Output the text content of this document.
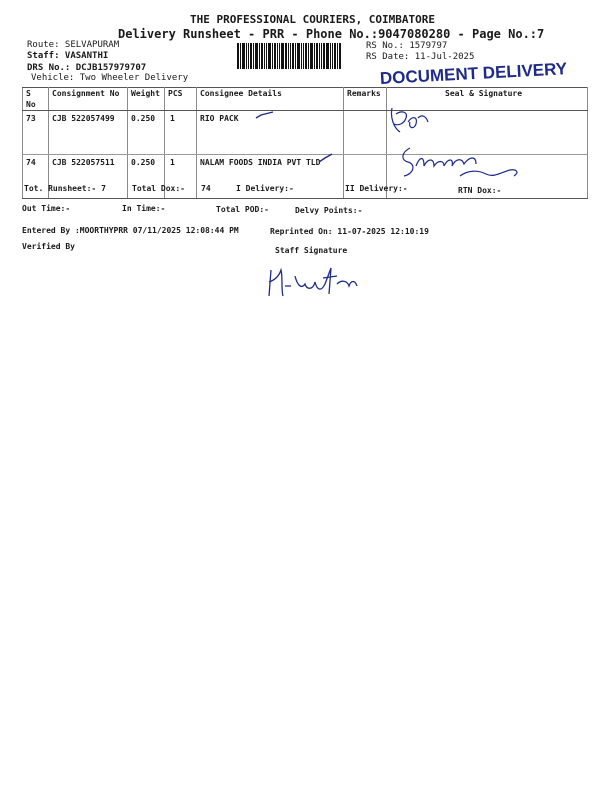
THE PROFESSIONAL COURIERS, COIMBATORE
Delivery Runsheet - PRR - Phone No.:9047080280 - Page No.:7
Route: SELVAPURAM
Staff: VASANTHI
DRS No.: DCJB157979707
Vehicle: Two Wheeler Delivery
RS No.: 1579797
RS Date: 11-Jul-2025
DOCUMENT DELIVERY
S No	Consignment No	Weight	PCS	Consignee Details	Remarks	Seal & Signature
73	CJB 522057499	0.250	1	RIO PACK		
74	CJB 522057511	0.250	1	NALAM FOODS INDIA PVT TLD		
Tot. Runsheet:- 7	Total Dox:- 74	I Delivery:-	II Delivery:-	RTN Dox:-
Out Time:-	In Time:-	Total POD:-	Delvy Points:-
Entered By :MOORTHYPRR 07/11/2025 12:08:44 PM	Reprinted On: 11-07-2025 12:10:19
Verified By	Staff Signature
